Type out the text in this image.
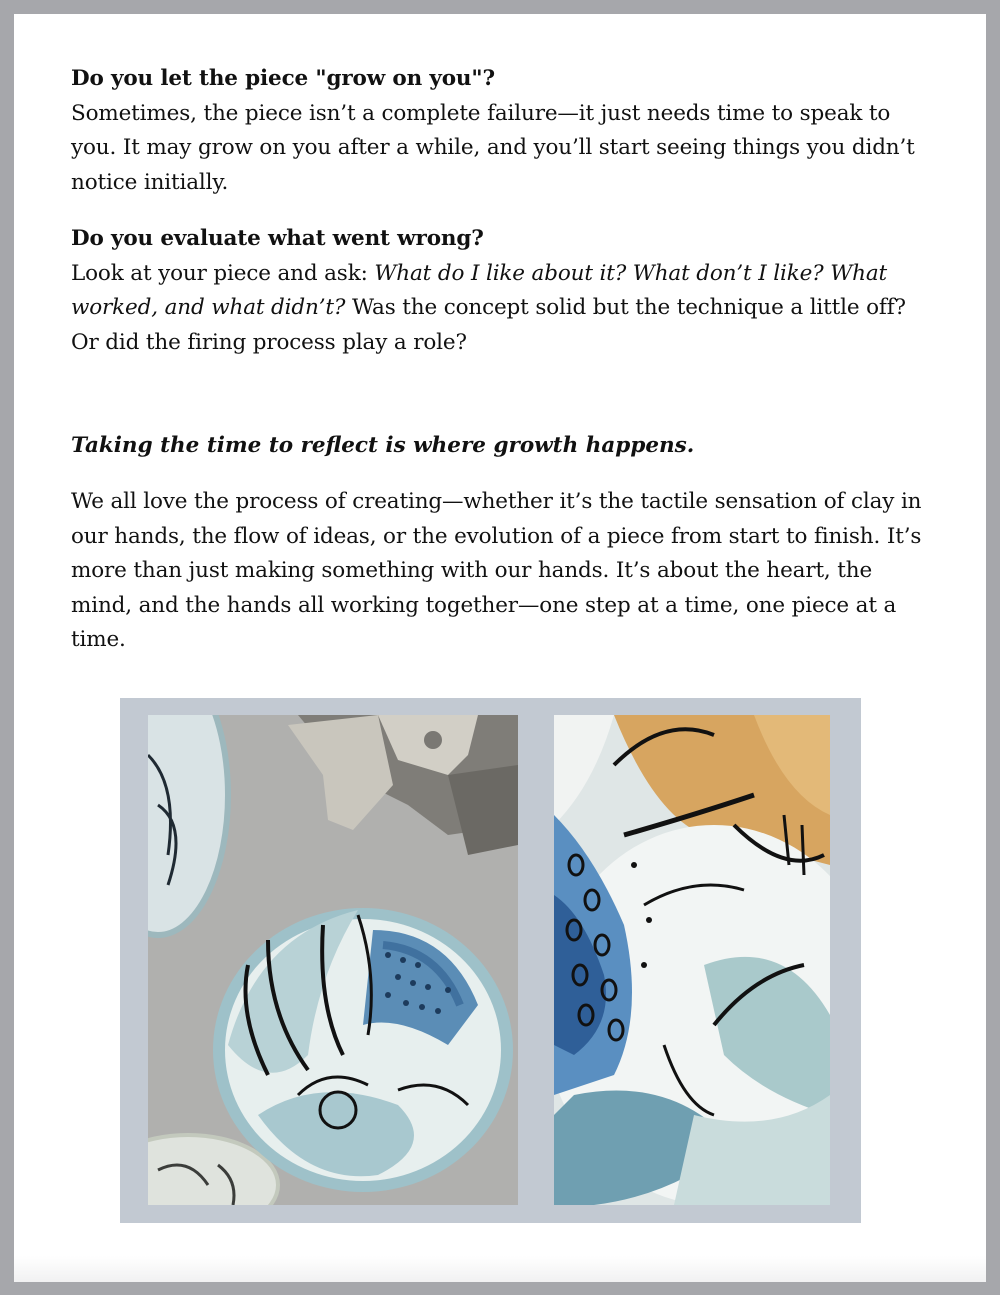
Do you let the piece "grow on you"?
Sometimes, the piece isn’t a complete failure—it just needs time to speak to you. It may grow on you after a while, and you’ll start seeing things you didn’t notice initially.
Do you evaluate what went wrong?
Look at your piece and ask: What do I like about it? What don’t I like? What worked, and what didn’t? Was the concept solid but the technique a little off? Or did the firing process play a role?
Taking the time to reflect is where growth happens.
We all love the process of creating—whether it’s the tactile sensation of clay in our hands, the flow of ideas, or the evolution of a piece from start to finish. It’s more than just making something with our hands. It’s about the heart, the mind, and the hands all working together—one step at a time, one piece at a time.
